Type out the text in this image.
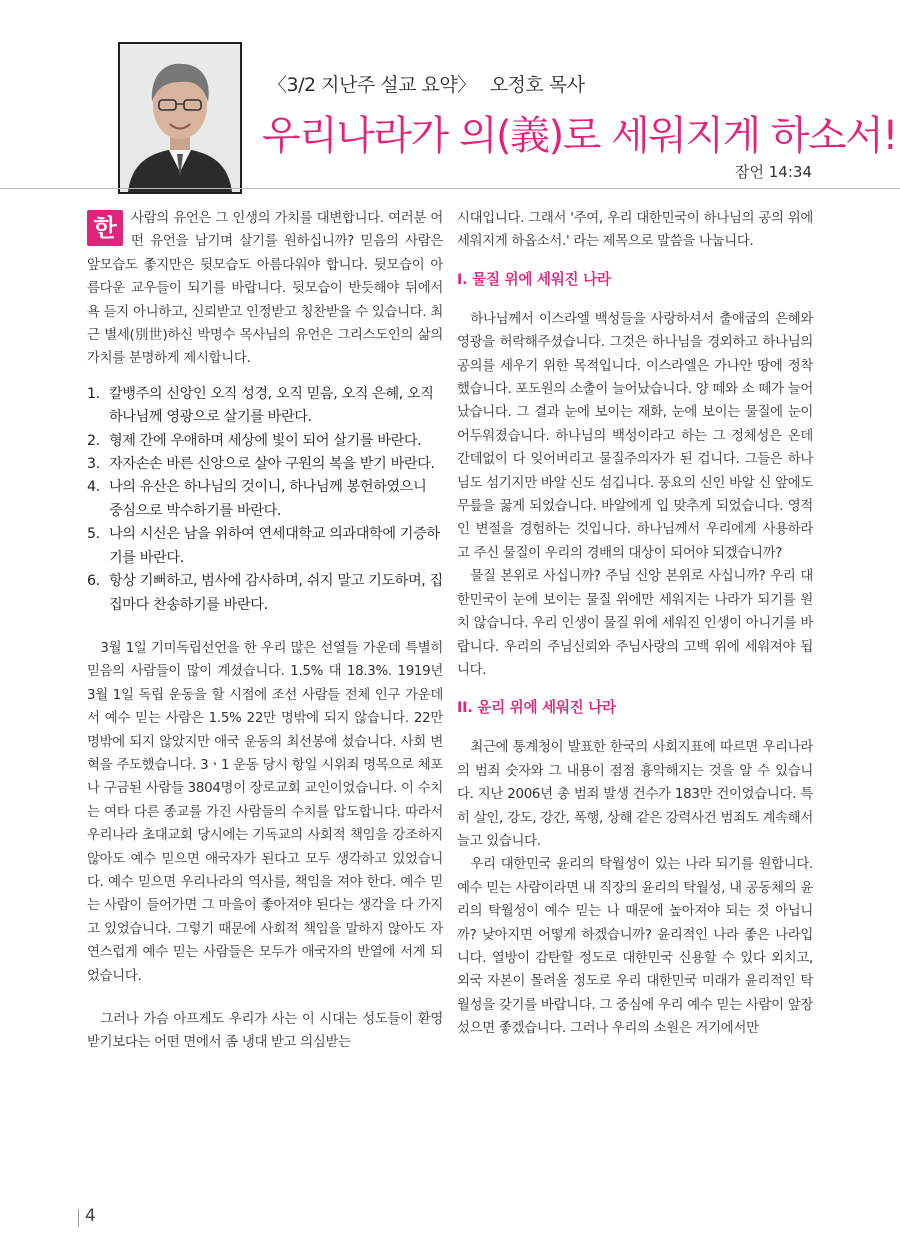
〈3/2 지난주 설교 요약〉 오정호 목사
우리나라가 의(義)로 세워지게 하소서!
잠언 14:34

한	사람의 유언은 그 인생의 가치를 대변합니다. 여러분 어떤 유언을 남기며 살기를 원하십니까? 믿음의 사람은 앞모습도 좋지만은 뒷모습도 아름다워야 합니다. 뒷모습이 아름다운 교우들이 되기를 바랍니다. 뒷모습이 반듯해야 뒤에서 욕 듣지 아니하고, 신뢰받고 인정받고 칭찬받을 수 있습니다. 최근 별세(別世)하신 박명수 목사님의 유언은 그리스도인의 삶의 가치를 분명하게 제시합니다.

1. 칼뱅주의 신앙인 오직 성경, 오직 믿음, 오직 은혜, 오직 하나님께 영광으로 살기를 바란다.
2. 형제 간에 우애하며 세상에 빛이 되어 살기를 바란다.
3. 자자손손 바른 신앙으로 살아 구원의 복을 받기 바란다.
4. 나의 유산은 하나님의 것이니, 하나님께 봉헌하였으니 중심으로 박수하기를 바란다.
5. 나의 시신은 남을 위하여 연세대학교 의과대학에 기증하기를 바란다.
6. 항상 기뻐하고, 범사에 감사하며, 쉬지 말고 기도하며, 집집마다 찬송하기를 바란다.

3월 1일 기미독립선언을 한 우리 많은 선열들 가운데 특별히 믿음의 사람들이 많이 계셨습니다. 1.5% 대 18.3%. 1919년 3월 1일 독립 운동을 할 시점에 조선 사람들 전체 인구 가운데서 예수 믿는 사람은 1.5% 22만 명밖에 되지 않습니다. 22만 명밖에 되지 않았지만 애국 운동의 최선봉에 섰습니다. 사회 변혁을 주도했습니다. 3ㆍ1 운동 당시 항일 시위죄 명목으로 체포나 구금된 사람들 3804명이 장로교회 교인이었습니다. 이 수치는 여타 다른 종교를 가진 사람들의 수치를 압도합니다. 따라서 우리나라 초대교회 당시에는 기독교의 사회적 책임을 강조하지 않아도 예수 믿으면 애국자가 된다고 모두 생각하고 있었습니다. 예수 믿으면 우리나라의 역사를, 책임을 져야 한다. 예수 믿는 사람이 들어가면 그 마을이 좋아져야 된다는 생각을 다 가지고 있었습니다. 그렇기 때문에 사회적 책임을 말하지 않아도 자연스럽게 예수 믿는 사람들은 모두가 애국자의 반열에 서게 되었습니다.

그러나 가슴 아프게도 우리가 사는 이 시대는 성도들이 환영받기보다는 어떤 면에서 좀 냉대 받고 의심받는

시대입니다. 그래서 '주여, 우리 대한민국이 하나님의 공의 위에 세워지게 하옵소서.' 라는 제목으로 말씀을 나눕니다.

I. 물질 위에 세워진 나라

하나님께서 이스라엘 백성들을 사랑하셔서 출애굽의 은혜와 영광을 허락해주셨습니다. 그것은 하나님을 경외하고 하나님의 공의를 세우기 위한 목적입니다. 이스라엘은 가나안 땅에 정착했습니다. 포도원의 소출이 늘어났습니다. 양 떼와 소 떼가 늘어났습니다. 그 결과 눈에 보이는 재화, 눈에 보이는 물질에 눈이 어두워졌습니다. 하나님의 백성이라고 하는 그 정체성은 온데간데없이 다 잊어버리고 물질주의자가 된 겁니다. 그들은 하나님도 섬기지만 바알 신도 섬깁니다. 풍요의 신인 바알 신 앞에도 무릎을 꿇게 되었습니다. 바알에게 입 맞추게 되었습니다. 영적인 변절을 경험하는 것입니다. 하나님께서 우리에게 사용하라고 주신 물질이 우리의 경배의 대상이 되어야 되겠습니까?

물질 본위로 사십니까? 주님 신앙 본위로 사십니까? 우리 대한민국이 눈에 보이는 물질 위에만 세워지는 나라가 되기를 원치 않습니다. 우리 인생이 물질 위에 세워진 인생이 아니기를 바랍니다. 우리의 주님신뢰와 주님사랑의 고백 위에 세워져야 됩니다.

II. 윤리 위에 세워진 나라

최근에 통계청이 발표한 한국의 사회지표에 따르면 우리나라의 범죄 숫자와 그 내용이 점점 흉악해지는 것을 알 수 있습니다. 지난 2006년 총 범죄 발생 건수가 183만 건이었습니다. 특히 살인, 강도, 강간, 폭행, 상해 같은 강력사건 범죄도 계속해서 늘고 있습니다.

우리 대한민국 윤리의 탁월성이 있는 나라 되기를 원합니다. 예수 믿는 사람이라면 내 직장의 윤리의 탁월성, 내 공동체의 윤리의 탁월성이 예수 믿는 나 때문에 높아져야 되는 것 아닙니까? 낮아지면 어떻게 하겠습니까? 윤리적인 나라 좋은 나라입니다. 열방이 감탄할 정도로 대한민국 신용할 수 있다 외치고, 외국 자본이 몰려올 정도로 우리 대한민국 미래가 윤리적인 탁월성을 갖기를 바랍니다. 그 중심에 우리 예수 믿는 사람이 앞장섰으면 좋겠습니다. 그러나 우리의 소원은 거기에서만

4
